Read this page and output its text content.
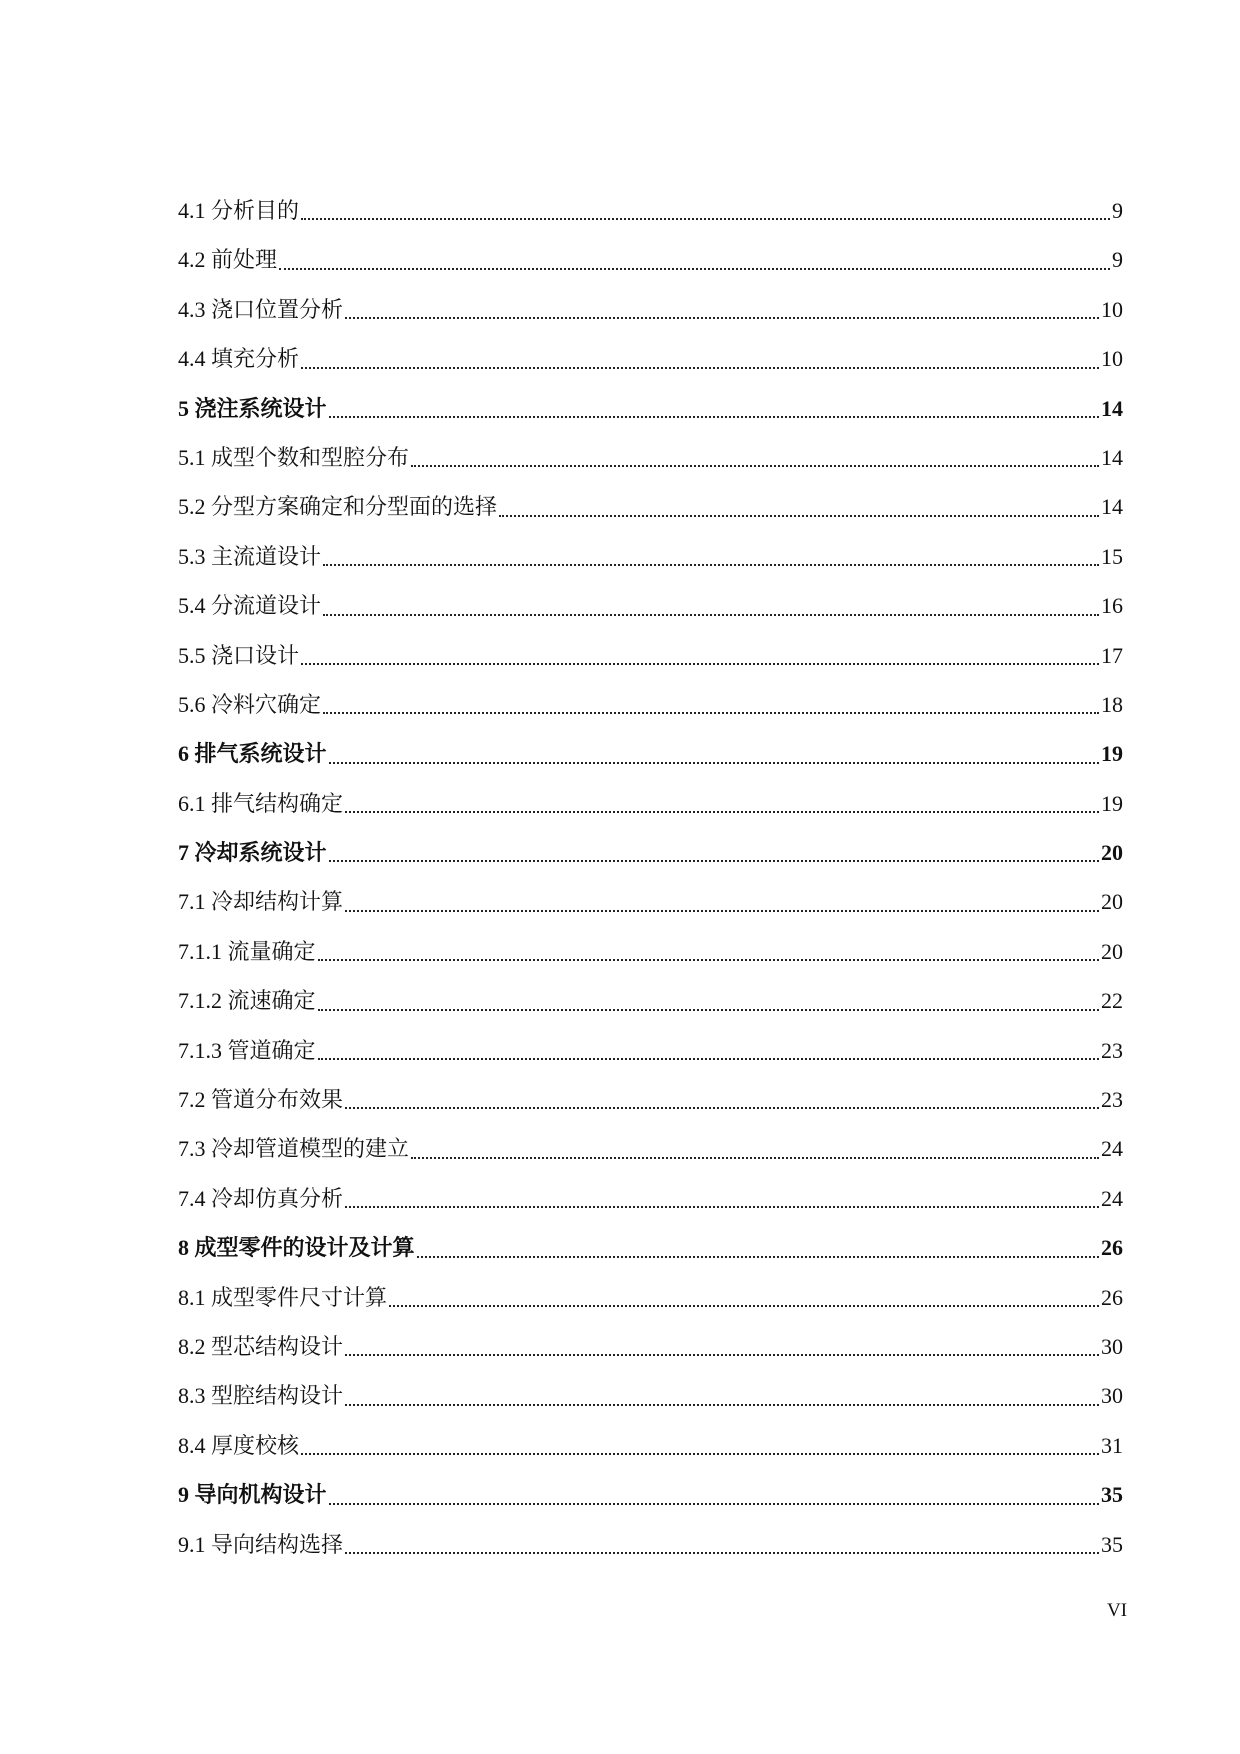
4.1 分析目的	9
4.2 前处理	9
4.3 浇口位置分析	10
4.4 填充分析	10
5 浇注系统设计	14
5.1 成型个数和型腔分布	14
5.2 分型方案确定和分型面的选择	14
5.3 主流道设计	15
5.4 分流道设计	16
5.5 浇口设计	17
5.6 冷料穴确定	18
6 排气系统设计	19
6.1 排气结构确定	19
7 冷却系统设计	20
7.1 冷却结构计算	20
7.1.1 流量确定	20
7.1.2 流速确定	22
7.1.3 管道确定	23
7.2 管道分布效果	23
7.3 冷却管道模型的建立	24
7.4 冷却仿真分析	24
8 成型零件的设计及计算	26
8.1 成型零件尺寸计算	26
8.2 型芯结构设计	30
8.3 型腔结构设计	30
8.4 厚度校核	31
9 导向机构设计	35
9.1 导向结构选择	35
VI
